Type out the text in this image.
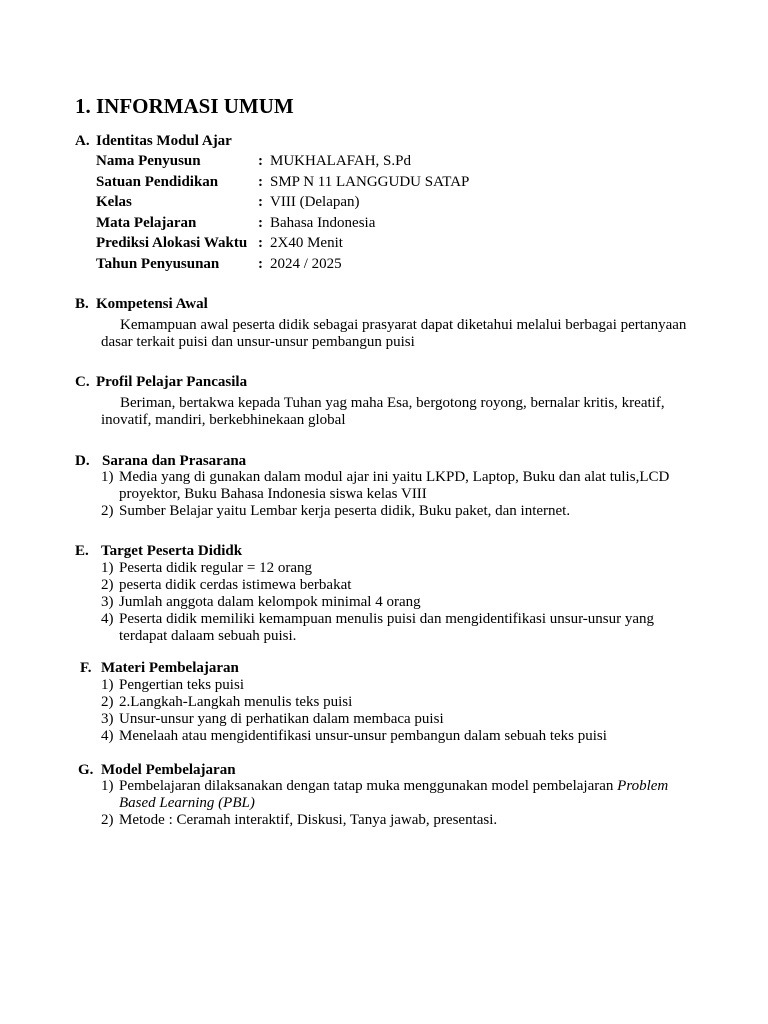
1. INFORMASI UMUM
A. Identitas Modul Ajar
Nama Penyusun	: MUKHALAFAH, S.Pd
Satuan Pendidikan	: SMP N 11 LANGGUDU SATAP
Kelas	: VIII (Delapan)
Mata Pelajaran	: Bahasa Indonesia
Prediksi Alokasi Waktu : 2X40 Menit
Tahun Penyusunan	: 2024 / 2025
B. Kompetensi Awal
Kemampuan awal peserta didik sebagai prasyarat dapat diketahui melalui berbagai pertanyaan dasar terkait puisi dan unsur-unsur pembangun puisi
C. Profil Pelajar Pancasila
Beriman, bertakwa kepada Tuhan yag maha Esa, bergotong royong, bernalar kritis, kreatif, inovatif, mandiri, berkebhinekaan global
D. Sarana dan Prasarana
1) Media yang di gunakan dalam modul ajar ini yaitu LKPD, Laptop, Buku dan alat tulis,LCD proyektor, Buku Bahasa Indonesia siswa kelas VIII
2) Sumber Belajar yaitu Lembar kerja peserta didik, Buku paket, dan internet.
E. Target Peserta Dididk
1) Peserta didik regular = 12 orang
2) peserta didik cerdas istimewa berbakat
3) Jumlah anggota dalam kelompok minimal 4 orang
4) Peserta didik memiliki kemampuan menulis puisi dan mengidentifikasi unsur-unsur yang terdapat dalaam sebuah puisi.
F. Materi Pembelajaran
1) Pengertian teks puisi
2) 2.Langkah-Langkah menulis teks puisi
3) Unsur-unsur yang di perhatikan dalam membaca puisi
4) Menelaah atau mengidentifikasi unsur-unsur pembangun dalam sebuah teks puisi
G. Model Pembelajaran
1) Pembelajaran dilaksanakan dengan tatap muka menggunakan model pembelajaran Problem Based Learning (PBL)
2) Metode : Ceramah interaktif, Diskusi, Tanya jawab, presentasi.
